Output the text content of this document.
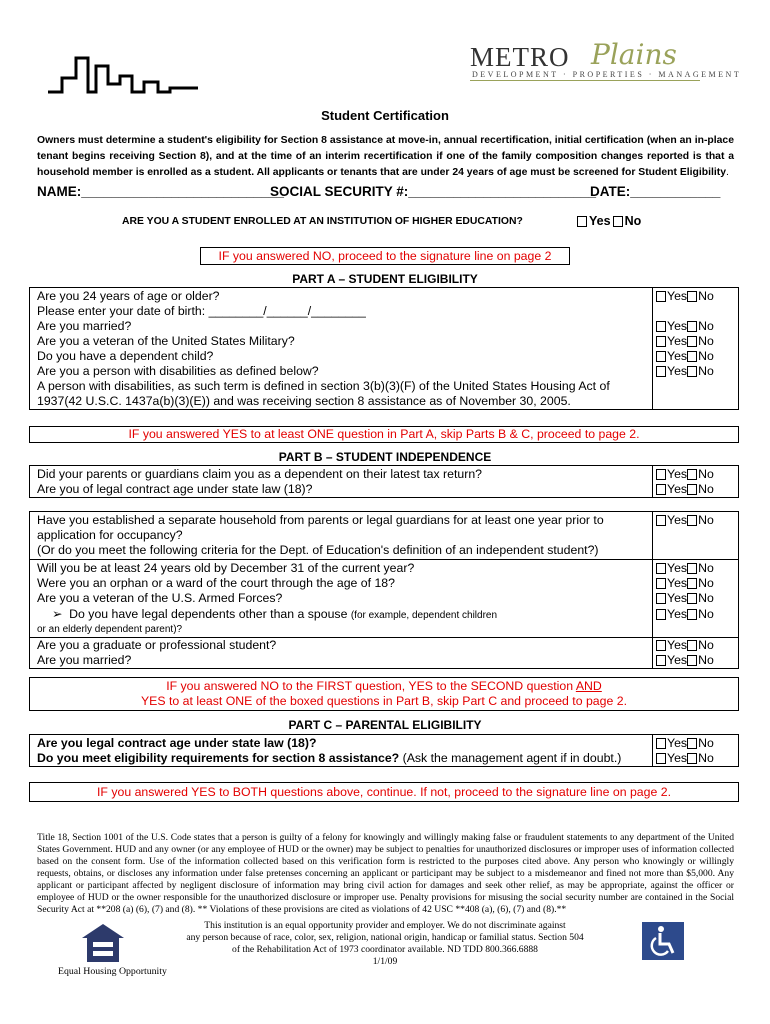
METRO Plains
DEVELOPMENT · PROPERTIES · MANAGEMENT
Student Certification
Owners must determine a student's eligibility for Section 8 assistance at move-in, annual recertification, initial certification (when an in-place tenant begins receiving Section 8), and at the time of an interim recertification if one of the family composition changes reported is that a household member is enrolled as a student. All applicants or tenants that are under 24 years of age must be screened for Student Eligibility.
NAME:___________________________
SOCIAL SECURITY #:_________________________
DATE:____________
ARE YOU A STUDENT ENROLLED AT AN INSTITUTION OF HIGHER EDUCATION?	Yes No
IF you answered NO, proceed to the signature line on page 2
PART A – STUDENT ELIGIBILITY
Are you 24 years of age or older?
Please enter your date of birth: ________/______/________
Are you married?
Are you a veteran of the United States Military?
Do you have a dependent child?
Are you a person with disabilities as defined below?
A person with disabilities, as such term is defined in section 3(b)(3)(F) of the United States Housing Act of
1937(42 U.S.C. 1437a(b)(3)(E)) and was receiving section 8 assistance as of November 30, 2005.
Yes No
Yes No
Yes No
Yes No
Yes No
IF you answered YES to at least ONE question in Part A, skip Parts B & C, proceed to page 2.
PART B – STUDENT INDEPENDENCE
Did your parents or guardians claim you as a dependent on their latest tax return?
Are you of legal contract age under state law (18)?
Yes No
Yes No
Have you established a separate household from parents or legal guardians for at least one year prior to
application for occupancy?
(Or do you meet the following criteria for the Dept. of Education's definition of an independent student?)
Will you be at least 24 years old by December 31 of the current year?
Were you an orphan or a ward of the court through the age of 18?
Are you a veteran of the U.S. Armed Forces?
➢ Do you have legal dependents other than a spouse (for example, dependent children
or an elderly dependent parent)?
Are you a graduate or professional student?
Are you married?
Yes No
Yes No
Yes No
Yes No
Yes No
Yes No
Yes No
IF you answered NO to the FIRST question, YES to the SECOND question AND
YES to at least ONE of the boxed questions in Part B, skip Part C and proceed to page 2.
PART C – PARENTAL ELIGIBILITY
Are you legal contract age under state law (18)?
Do you meet eligibility requirements for section 8 assistance? (Ask the management agent if in doubt.)
Yes No
Yes No
IF you answered YES to BOTH questions above, continue. If not, proceed to the signature line on page 2.
Title 18, Section 1001 of the U.S. Code states that a person is guilty of a felony for knowingly and willingly making false or fraudulent statements to any department of the United States Government. HUD and any owner (or any employee of HUD or the owner) may be subject to penalties for unauthorized disclosures or improper uses of information collected based on the consent form. Use of the information collected based on this verification form is restricted to the purposes cited above. Any person who knowingly or willingly requests, obtains, or discloses any information under false pretenses concerning an applicant or participant may be subject to a misdemeanor and fined not more than $5,000. Any applicant or participant affected by negligent disclosure of information may bring civil action for damages and seek other relief, as may be appropriate, against the officer or employee of HUD or the owner responsible for the unauthorized disclosure or improper use. Penalty provisions for misusing the social security number are contained in the Social Security Act at **208 (a) (6), (7) and (8). ** Violations of these provisions are cited as violations of 42 USC **408 (a), (6), (7) and (8).**
This institution is an equal opportunity provider and employer. We do not discriminate against
any person because of race, color, sex, religion, national origin, handicap or familial status. Section 504
of the Rehabilitation Act of 1973 coordinator available. ND TDD 800.366.6888
1/1/09
Equal Housing Opportunity
